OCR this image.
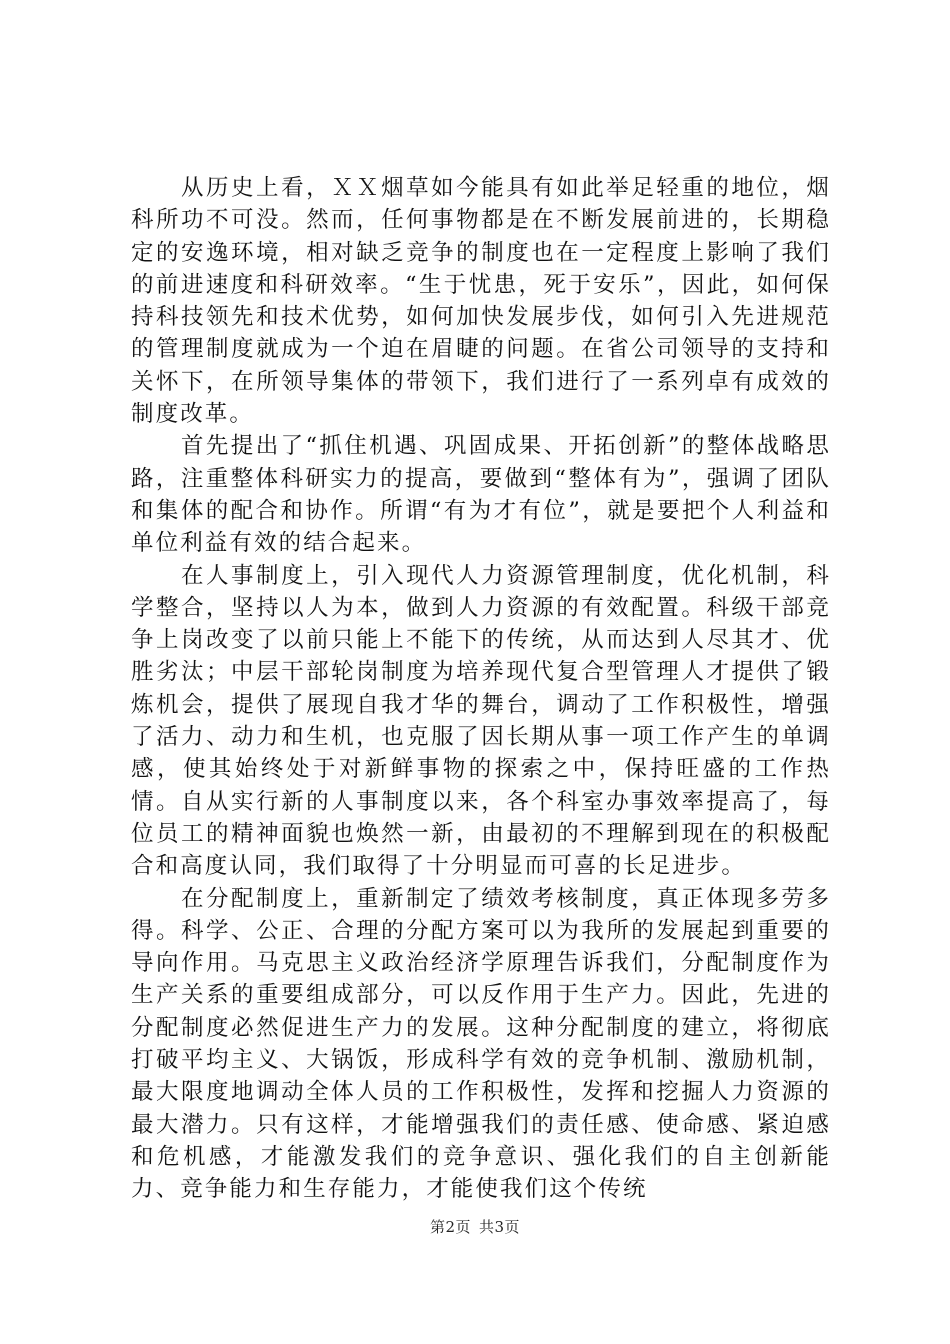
从历史上看，ＸＸ烟草如今能具有如此举足轻重的地位，烟科所功不可没。然而，任何事物都是在不断发展前进的，长期稳定的安逸环境，相对缺乏竞争的制度也在一定程度上影响了我们的前进速度和科研效率。“生于忧患，死于安乐”，因此，如何保持科技领先和技术优势，如何加快发展步伐，如何引入先进规范的管理制度就成为一个迫在眉睫的问题。在省公司领导的支持和关怀下，在所领导集体的带领下，我们进行了一系列卓有成效的制度改革。

首先提出了“抓住机遇、巩固成果、开拓创新”的整体战略思路，注重整体科研实力的提高，要做到“整体有为”，强调了团队和集体的配合和协作。所谓“有为才有位”，就是要把个人利益和单位利益有效的结合起来。

在人事制度上，引入现代人力资源管理制度，优化机制，科学整合，坚持以人为本，做到人力资源的有效配置。科级干部竞争上岗改变了以前只能上不能下的传统，从而达到人尽其才、优胜劣汰；中层干部轮岗制度为培养现代复合型管理人才提供了锻炼机会，提供了展现自我才华的舞台，调动了工作积极性，增强了活力、动力和生机，也克服了因长期从事一项工作产生的单调感，使其始终处于对新鲜事物的探索之中，保持旺盛的工作热情。自从实行新的人事制度以来，各个科室办事效率提高了，每位员工的精神面貌也焕然一新，由最初的不理解到现在的积极配合和高度认同，我们取得了十分明显而可喜的长足进步。

在分配制度上，重新制定了绩效考核制度，真正体现多劳多得。科学、公正、合理的分配方案可以为我所的发展起到重要的导向作用。马克思主义政治经济学原理告诉我们，分配制度作为生产关系的重要组成部分，可以反作用于生产力。因此，先进的分配制度必然促进生产力的发展。这种分配制度的建立，将彻底打破平均主义、大锅饭，形成科学有效的竞争机制、激励机制，最大限度地调动全体人员的工作积极性，发挥和挖掘人力资源的最大潜力。只有这样，才能增强我们的责任感、使命感、紧迫感和危机感，才能激发我们的竞争意识、强化我们的自主创新能力、竞争能力和生存能力，才能使我们这个传统

第2页 共3页
